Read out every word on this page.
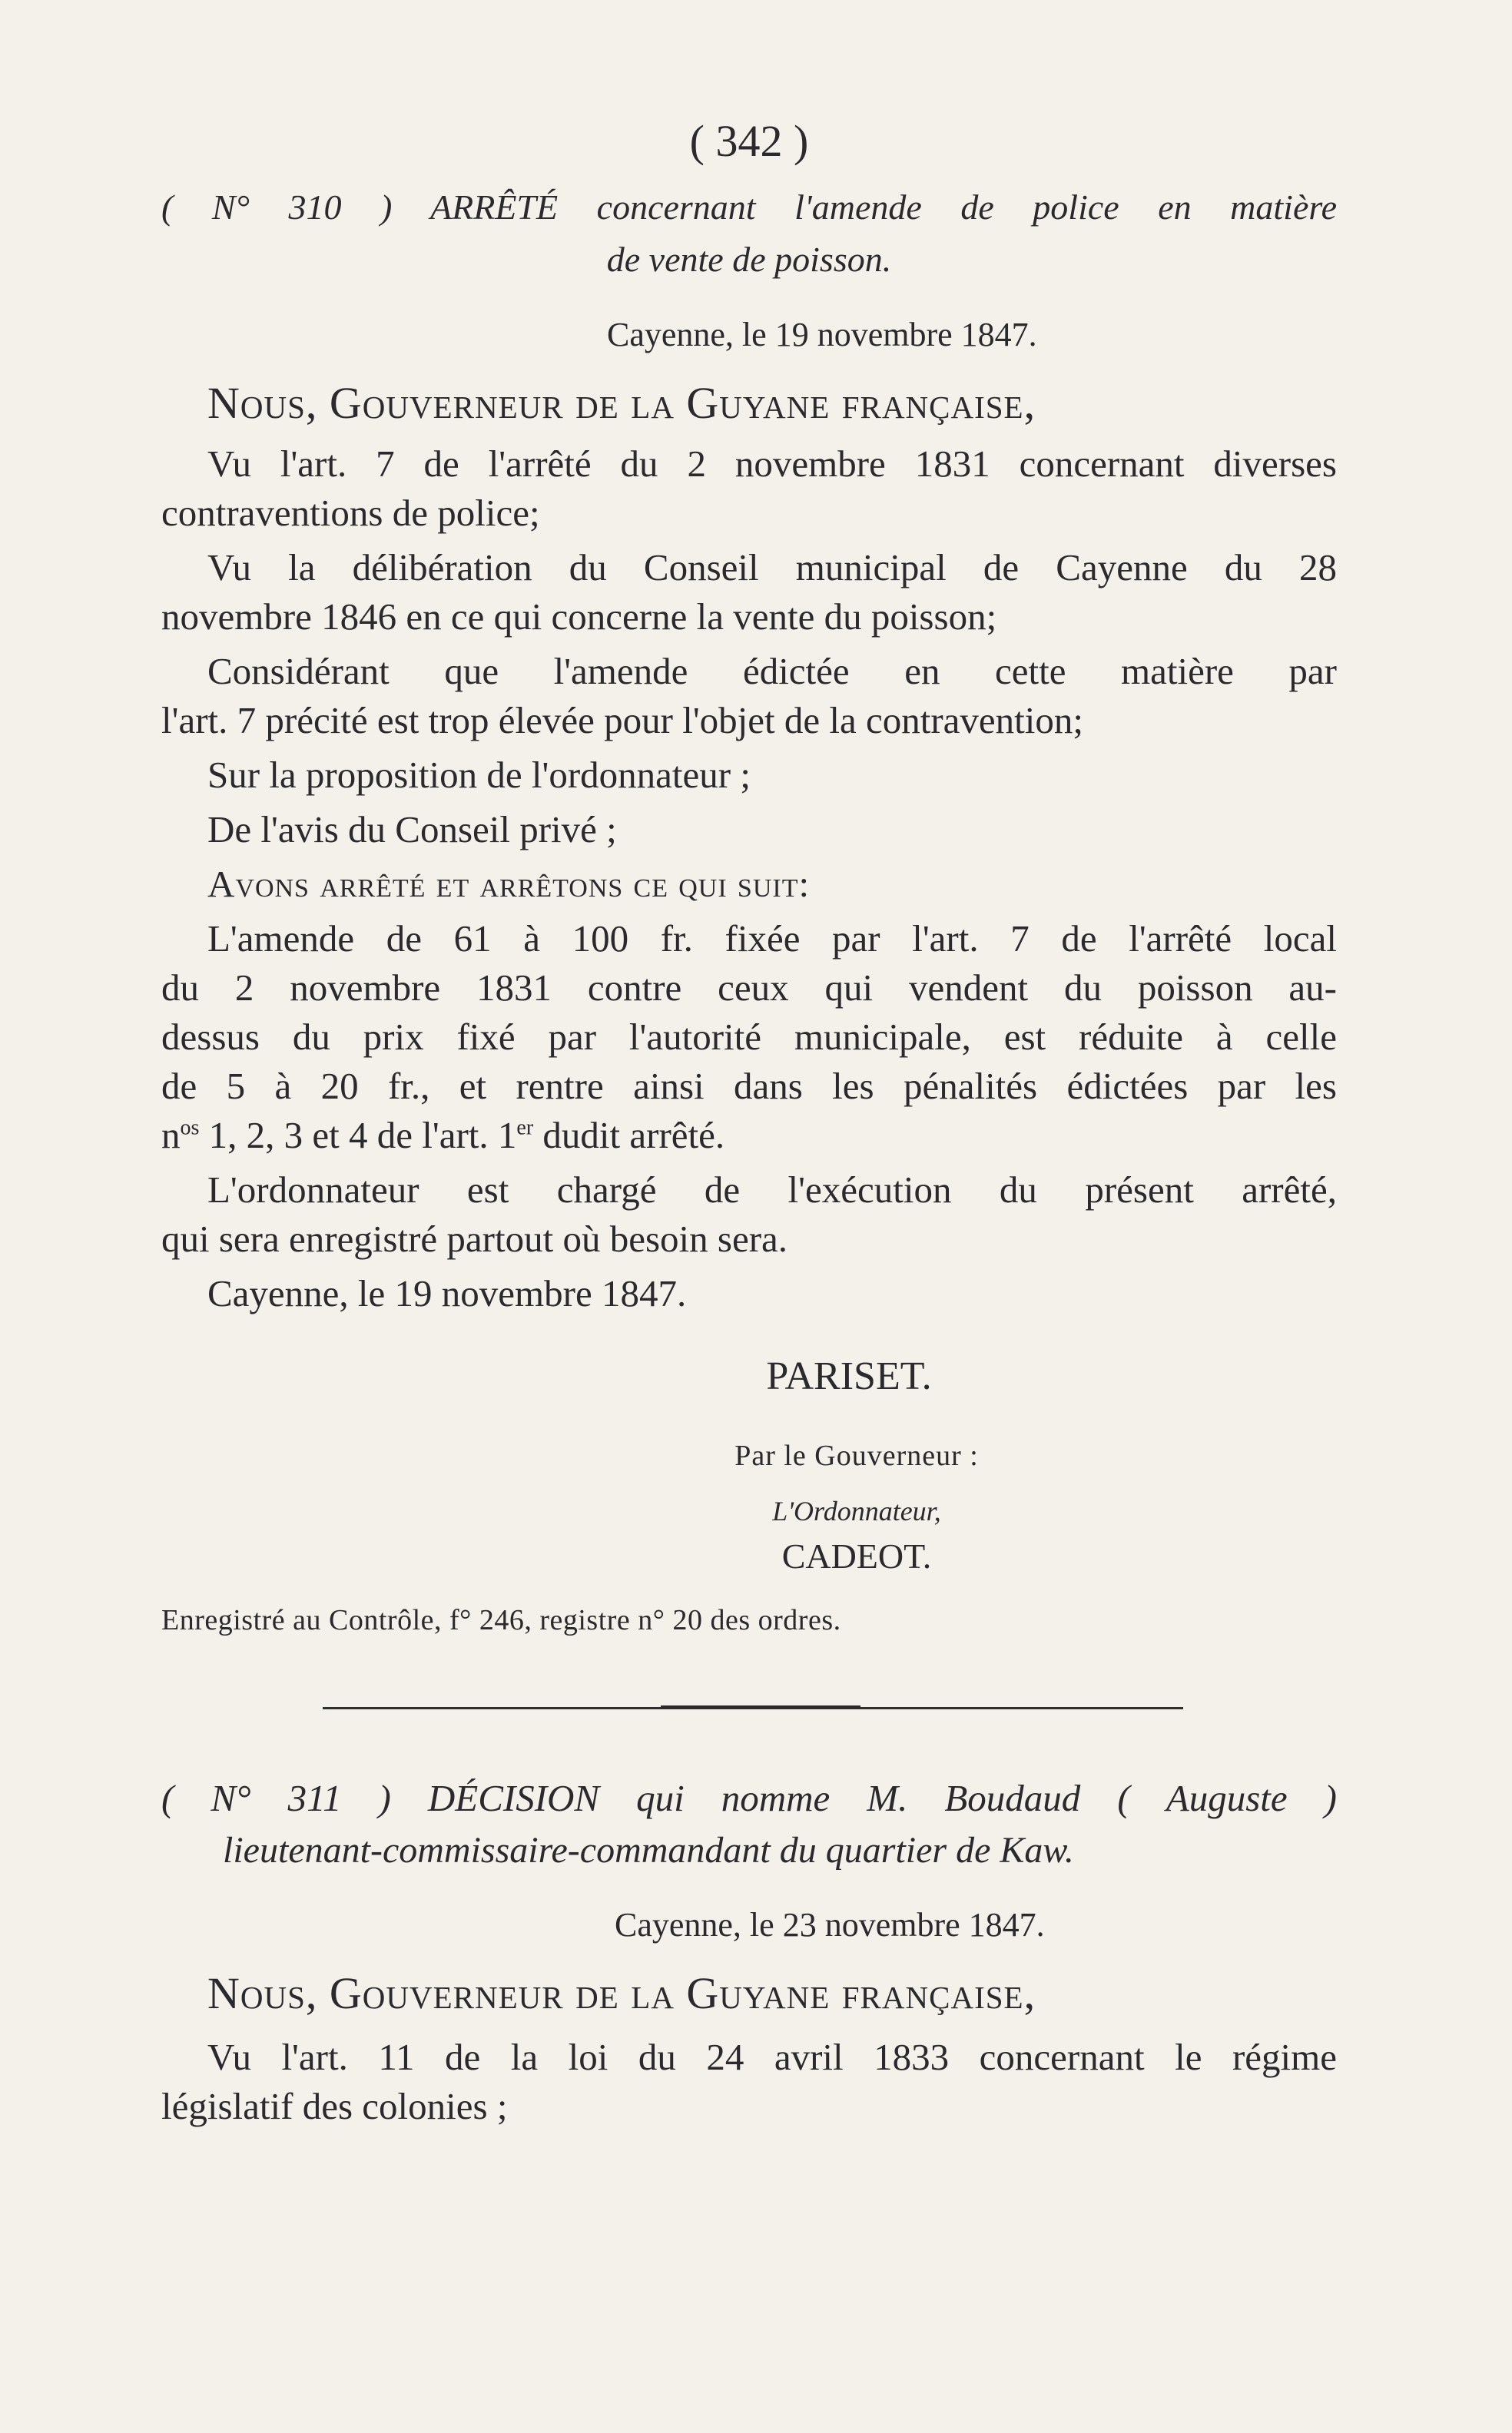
( 342 )
( N° 310 ) ARRÊTÉ concernant l'amende de police en matière
de vente de poisson.
Cayenne, le 19 novembre 1847.
Nous, Gouverneur de la Guyane française,
Vu l'art. 7 de l'arrêté du 2 novembre 1831 concernant diverses
contraventions de police;
Vu la délibération du Conseil municipal de Cayenne du 28
novembre 1846 en ce qui concerne la vente du poisson;
Considérant que l'amende édictée en cette matière par
l'art. 7 précité est trop élevée pour l'objet de la contravention;
Sur la proposition de l'ordonnateur ;
De l'avis du Conseil privé ;
Avons arrêté et arrêtons ce qui suit:
L'amende de 61 à 100 fr. fixée par l'art. 7 de l'arrêté local
du 2 novembre 1831 contre ceux qui vendent du poisson au-
dessus du prix fixé par l'autorité municipale, est réduite à celle
de 5 à 20 fr., et rentre ainsi dans les pénalités édictées par les
$n^{os}$ 1, 2, 3 et 4 de l'art. 1er dudit arrêté.
L'ordonnateur est chargé de l'exécution du présent arrêté,
qui sera enregistré partout où besoin sera.
Cayenne, le 19 novembre 1847.
PARISET.
Par le Gouverneur :
L'Ordonnateur,
CADEOT.
Enregistré au Contrôle, f° 246, registre n° 20 des ordres.
( N° 311 ) DÉCISION qui nomme M. Boudaud ( Auguste )
lieutenant-commissaire-commandant du quartier de Kaw.
Cayenne, le 23 novembre 1847.
Nous, Gouverneur de la Guyane française,
Vu l'art. 11 de la loi du 24 avril 1833 concernant le régime
législatif des colonies ;
